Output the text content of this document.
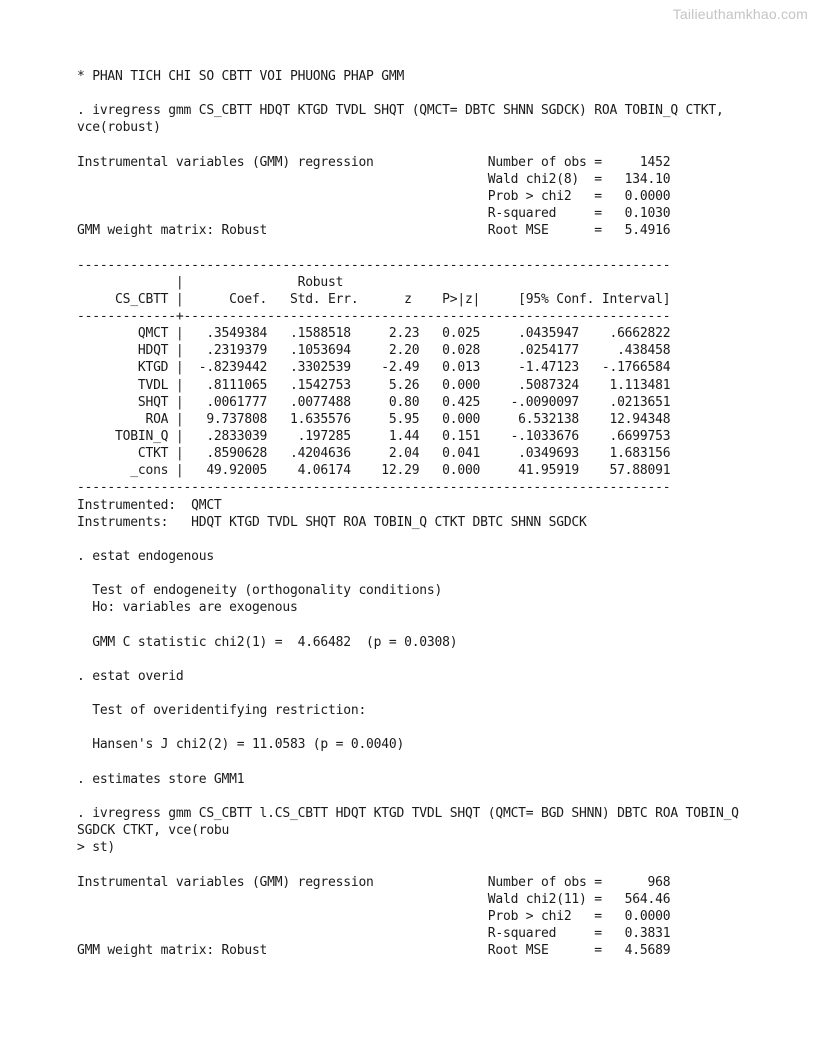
Tailieuthamkhao.com
* PHAN TICH CHI SO CBTT VOI PHUONG PHAP GMM
. ivregress gmm CS_CBTT HDQT KTGD TVDL SHQT (QMCT= DBTC SHNN SGDCK) ROA TOBIN_Q CTKT,
vce(robust)
Instrumental variables (GMM) regression               Number of obs =     1452
Wald chi2(8)  =   134.10
Prob > chi2   =   0.0000
R-squared     =   0.1030
GMM weight matrix: Robust                             Root MSE      =   5.4916
------------------------------------------------------------------------------
|               Robust
CS_CBTT |      Coef.   Std. Err.      z    P>|z|     [95% Conf. Interval]
-------------+----------------------------------------------------------------
QMCT |   .3549384   .1588518     2.23   0.025     .0435947    .6662822
HDQT |   .2319379   .1053694     2.20   0.028     .0254177     .438458
KTGD |  -.8239442   .3302539    -2.49   0.013     -1.47123   -.1766584
TVDL |   .8111065   .1542753     5.26   0.000     .5087324    1.113481
SHQT |   .0061777   .0077488     0.80   0.425    -.0090097    .0213651
ROA |   9.737808   1.635576     5.95   0.000     6.532138    12.94348
TOBIN_Q |   .2833039    .197285     1.44   0.151    -.1033676    .6699753
CTKT |   .8590628   .4204636     2.04   0.041     .0349693    1.683156
_cons |   49.92005    4.06174    12.29   0.000     41.95919    57.88091
------------------------------------------------------------------------------
Instrumented:  QMCT
Instruments:   HDQT KTGD TVDL SHQT ROA TOBIN_Q CTKT DBTC SHNN SGDCK
. estat endogenous
Test of endogeneity (orthogonality conditions)
Ho: variables are exogenous
GMM C statistic chi2(1) =  4.66482  (p = 0.0308)
. estat overid
Test of overidentifying restriction:
Hansen's J chi2(2) = 11.0583 (p = 0.0040)
. estimates store GMM1
. ivregress gmm CS_CBTT l.CS_CBTT HDQT KTGD TVDL SHQT (QMCT= BGD SHNN) DBTC ROA TOBIN_Q
SGDCK CTKT, vce(robu
> st)
Instrumental variables (GMM) regression               Number of obs =      968
Wald chi2(11) =   564.46
Prob > chi2   =   0.0000
R-squared     =   0.3831
GMM weight matrix: Robust                             Root MSE      =   4.5689
